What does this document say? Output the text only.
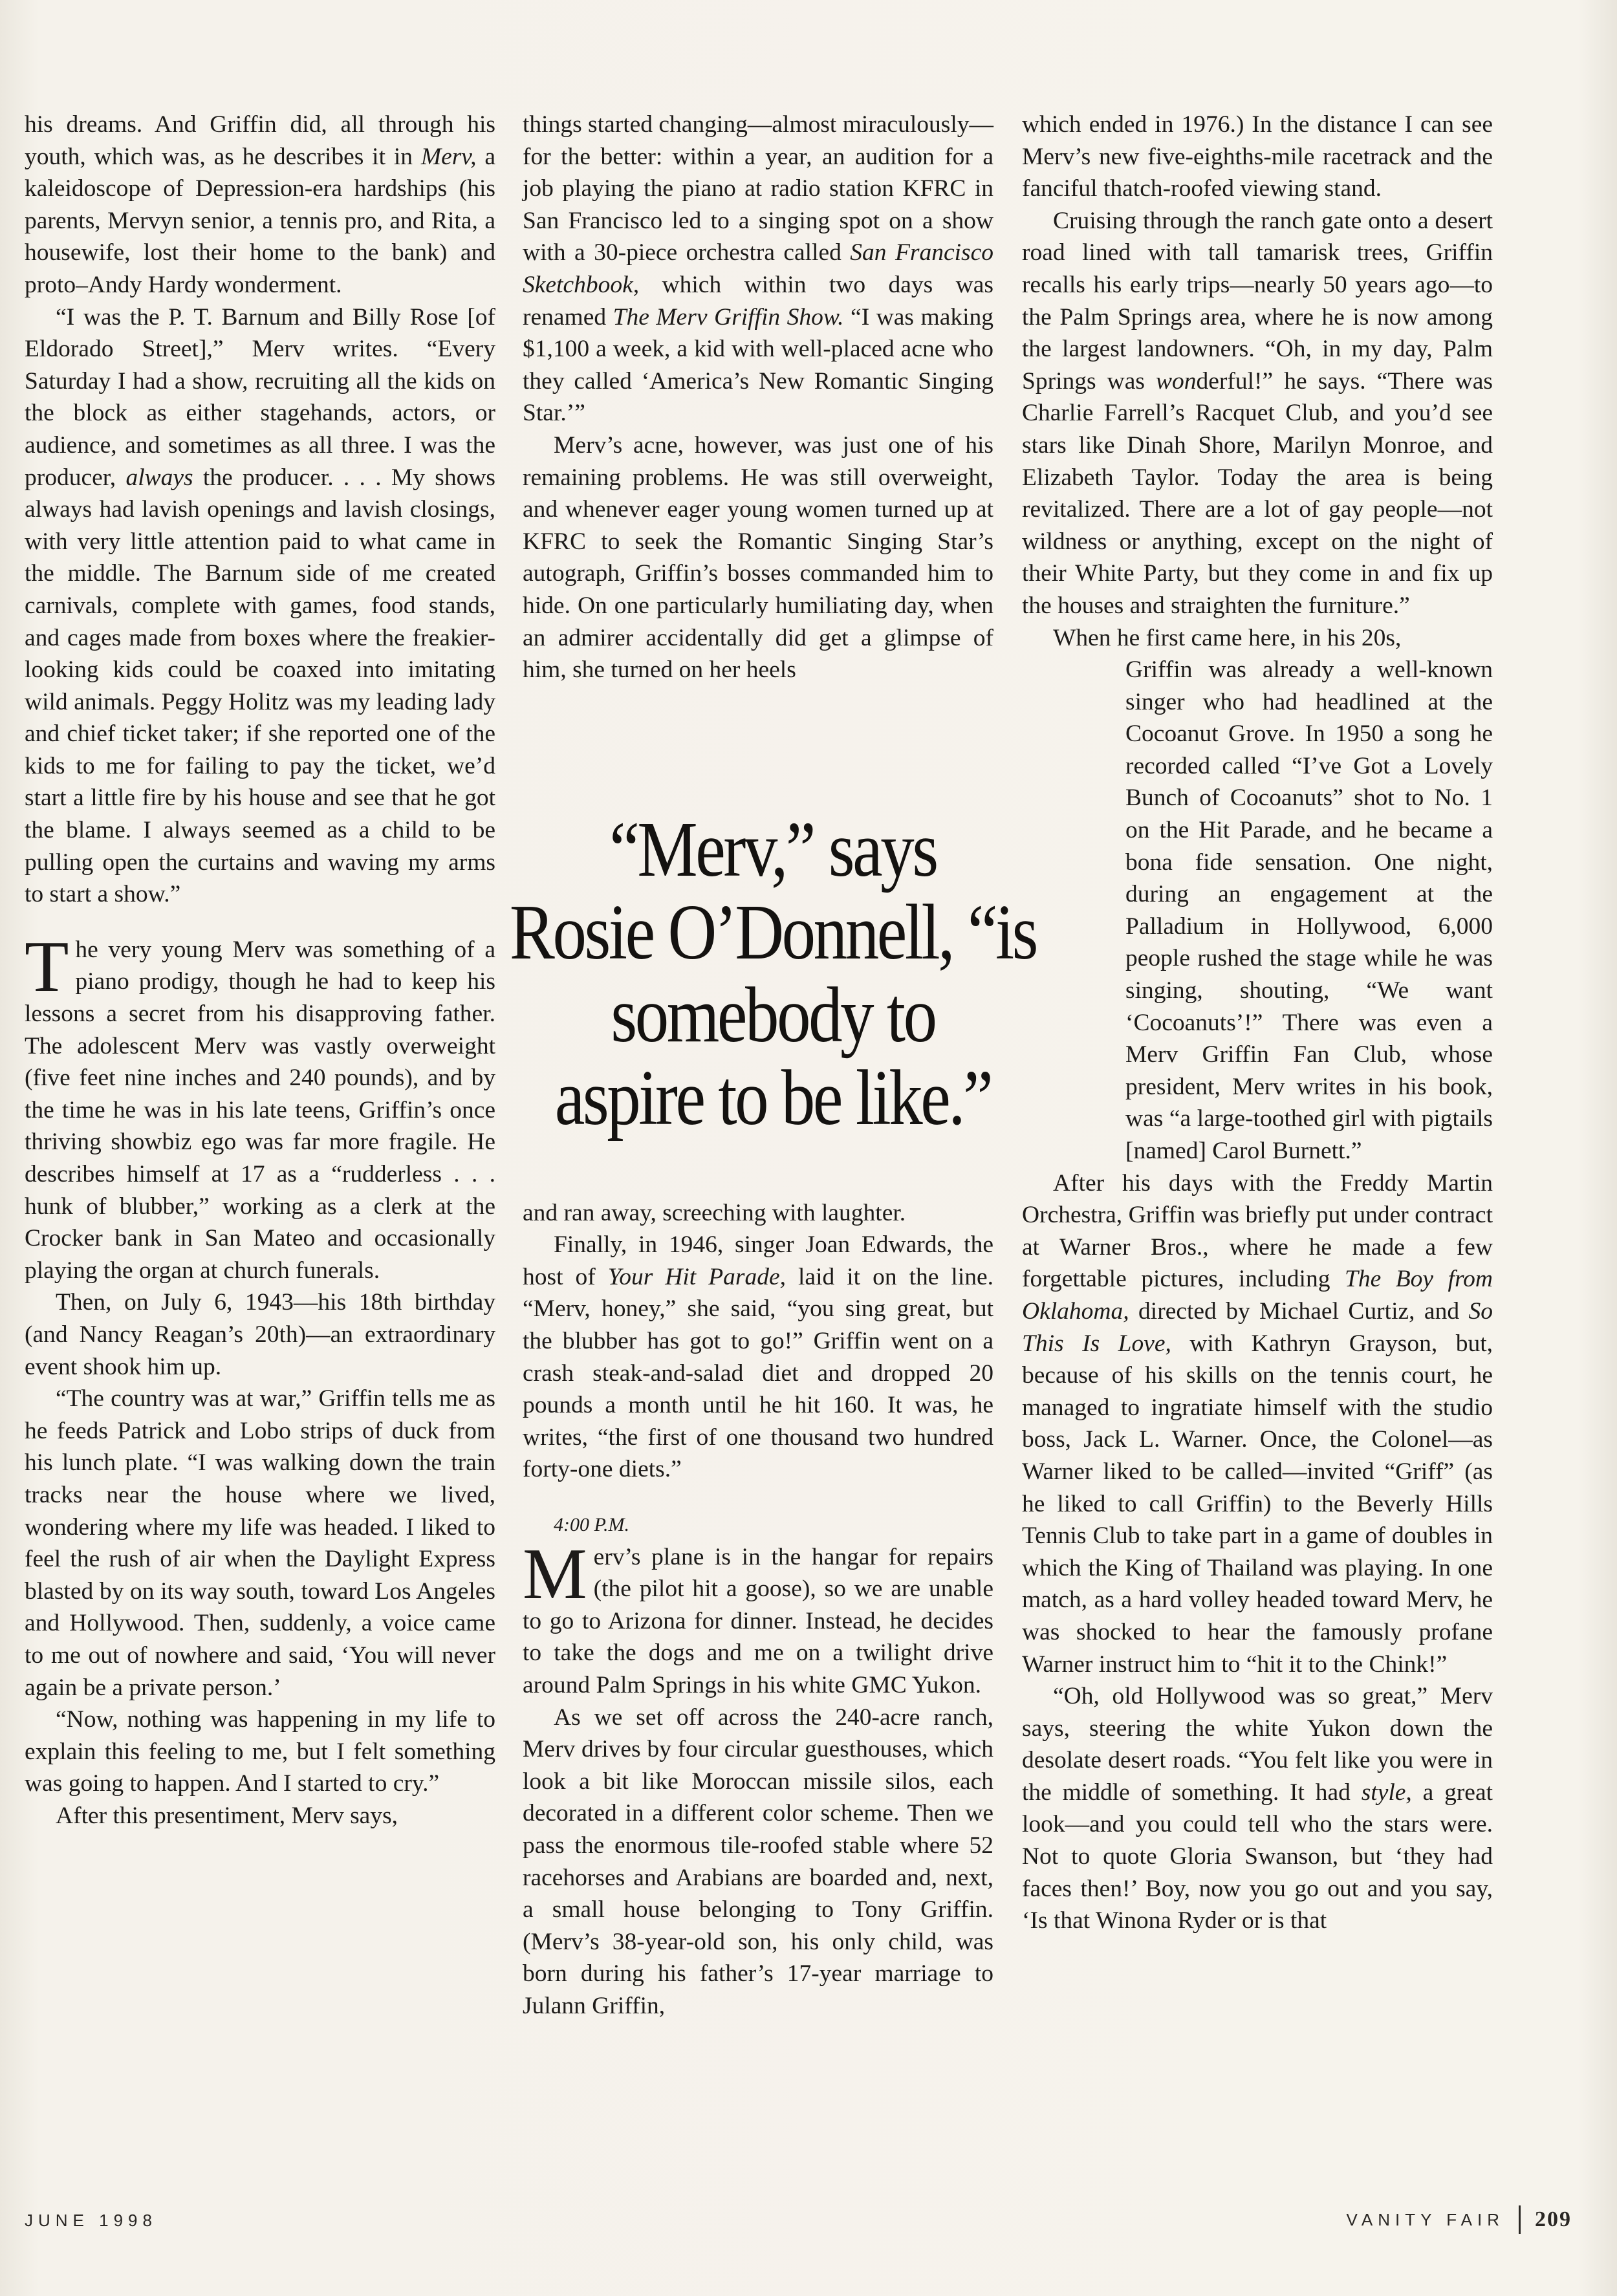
his dreams. And Griffin did, all through his youth, which was, as he describes it in Merv, a kaleidoscope of Depression-era hardships (his parents, Mervyn senior, a tennis pro, and Rita, a housewife, lost their home to the bank) and proto–Andy Hardy wonderment.

“I was the P. T. Barnum and Billy Rose [of Eldorado Street],” Merv writes. “Every Saturday I had a show, recruiting all the kids on the block as either stagehands, actors, or audience, and sometimes as all three. I was the producer, always the producer. . . . My shows always had lavish openings and lavish closings, with very little attention paid to what came in the middle. The Barnum side of me created carnivals, complete with games, food stands, and cages made from boxes where the freakier-looking kids could be coaxed into imitating wild animals. Peggy Holitz was my leading lady and chief ticket taker; if she reported one of the kids to me for failing to pay the ticket, we’d start a little fire by his house and see that he got the blame. I always seemed as a child to be pulling open the curtains and waving my arms to start a show.”

The very young Merv was something of a piano prodigy, though he had to keep his lessons a secret from his disapproving father. The adolescent Merv was vastly overweight (five feet nine inches and 240 pounds), and by the time he was in his late teens, Griffin’s once thriving showbiz ego was far more fragile. He describes himself at 17 as a “rudderless . . . hunk of blubber,” working as a clerk at the Crocker bank in San Mateo and occasionally playing the organ at church funerals.

Then, on July 6, 1943—his 18th birthday (and Nancy Reagan’s 20th)—an extraordinary event shook him up.

“The country was at war,” Griffin tells me as he feeds Patrick and Lobo strips of duck from his lunch plate. “I was walking down the train tracks near the house where we lived, wondering where my life was headed. I liked to feel the rush of air when the Daylight Express blasted by on its way south, toward Los Angeles and Hollywood. Then, suddenly, a voice came to me out of nowhere and said, ‘You will never again be a private person.’

“Now, nothing was happening in my life to explain this feeling to me, but I felt something was going to happen. And I started to cry.”

After this presentiment, Merv says,

things started changing—almost miraculously—for the better: within a year, an audition for a job playing the piano at radio station KFRC in San Francisco led to a singing spot on a show with a 30-piece orchestra called San Francisco Sketchbook, which within two days was renamed The Merv Griffin Show. “I was making $1,100 a week, a kid with well-placed acne who they called ‘America’s New Romantic Singing Star.’”

Merv’s acne, however, was just one of his remaining problems. He was still overweight, and whenever eager young women turned up at KFRC to seek the Romantic Singing Star’s autograph, Griffin’s bosses commanded him to hide. On one particularly humiliating day, when an admirer accidentally did get a glimpse of him, she turned on her heels

and ran away, screeching with laughter.

Finally, in 1946, singer Joan Edwards, the host of Your Hit Parade, laid it on the line. “Merv, honey,” she said, “you sing great, but the blubber has got to go!” Griffin went on a crash steak-and-salad diet and dropped 20 pounds a month until he hit 160. It was, he writes, “the first of one thousand two hundred forty-one diets.”

4:00 P.M.

Merv’s plane is in the hangar for repairs (the pilot hit a goose), so we are unable to go to Arizona for dinner. Instead, he decides to take the dogs and me on a twilight drive around Palm Springs in his white GMC Yukon.

As we set off across the 240-acre ranch, Merv drives by four circular guesthouses, which look a bit like Moroccan missile silos, each decorated in a different color scheme. Then we pass the enormous tile-roofed stable where 52 racehorses and Arabians are boarded and, next, a small house belonging to Tony Griffin. (Merv’s 38-year-old son, his only child, was born during his father’s 17-year marriage to Julann Griffin,

which ended in 1976.) In the distance I can see Merv’s new five-eighths-mile racetrack and the fanciful thatch-roofed viewing stand.

Cruising through the ranch gate onto a desert road lined with tall tamarisk trees, Griffin recalls his early trips—nearly 50 years ago—to the Palm Springs area, where he is now among the largest landowners. “Oh, in my day, Palm Springs was wonderful!” he says. “There was Charlie Farrell’s Racquet Club, and you’d see stars like Dinah Shore, Marilyn Monroe, and Elizabeth Taylor. Today the area is being revitalized. There are a lot of gay people—not wildness or anything, except on the night of their White Party, but they come in and fix up the houses and straighten the furniture.”

When he first came here, in his 20s,

Griffin was already a well-known singer who had headlined at the Cocoanut Grove. In 1950 a song he recorded called “I’ve Got a Lovely Bunch of Cocoanuts” shot to No. 1 on the Hit Parade, and he became a bona fide sensation. One night, during an engagement at the Palladium in Hollywood, 6,000 people rushed the stage while he was singing, shouting, “We want ‘Cocoanuts’!” There was even a Merv Griffin Fan Club, whose president, Merv writes in his book, was “a large-toothed girl with pigtails [named] Carol Burnett.”

After his days with the Freddy Martin Orchestra, Griffin was briefly put under contract at Warner Bros., where he made a few forgettable pictures, including The Boy from Oklahoma, directed by Michael Curtiz, and So This Is Love, with Kathryn Grayson, but, because of his skills on the tennis court, he managed to ingratiate himself with the studio boss, Jack L. Warner. Once, the Colonel—as Warner liked to be called—invited “Griff” (as he liked to call Griffin) to the Beverly Hills Tennis Club to take part in a game of doubles in which the King of Thailand was playing. In one match, as a hard volley headed toward Merv, he was shocked to hear the famously profane Warner instruct him to “hit it to the Chink!”

“Oh, old Hollywood was so great,” Merv says, steering the white Yukon down the desolate desert roads. “You felt like you were in the middle of something. It had style, a great look—and you could tell who the stars were. Not to quote Gloria Swanson, but ‘they had faces then!’ Boy, now you go out and you say, ‘Is that Winona Ryder or is that

“Merv,” says
Rosie O’Donnell, “is
somebody to
aspire to be like.”
JUNE 1998	VANITY FAIR 209
